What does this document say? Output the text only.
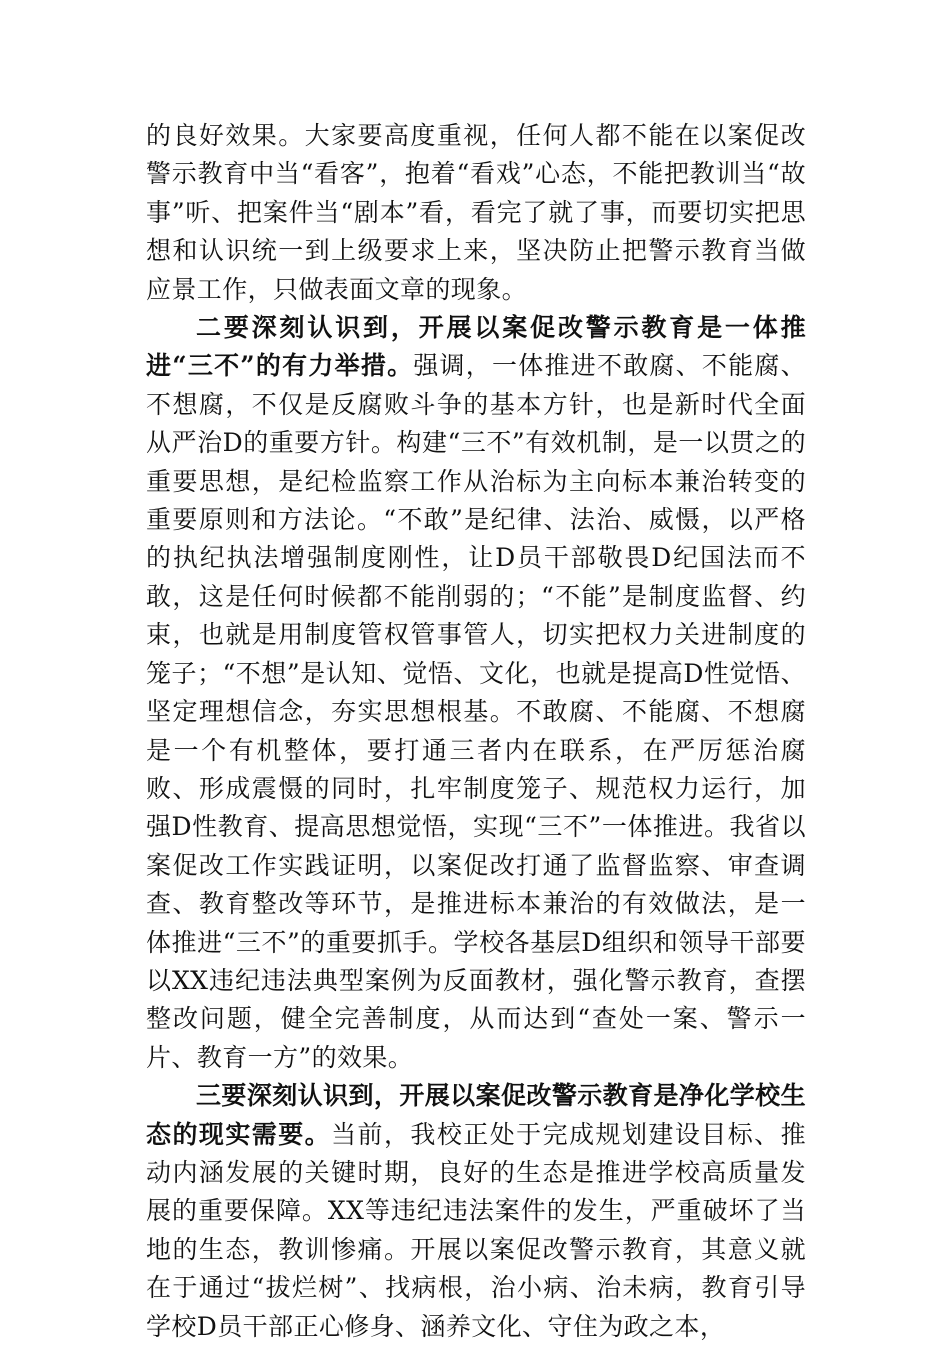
的良好效果。大家要高度重视，任何人都不能在以案促改警示教育中当“看客”，抱着“看戏”心态，不能把教训当“故事”听、把案件当“剧本”看，看完了就了事，而要切实把思想和认识统一到上级要求上来，坚决防止把警示教育当做应景工作，只做表面文章的现象。

二要深刻认识到，开展以案促改警示教育是一体推进“三不”的有力举措。强调，一体推进不敢腐、不能腐、不想腐，不仅是反腐败斗争的基本方针，也是新时代全面从严治D的重要方针。构建“三不”有效机制，是一以贯之的重要思想，是纪检监察工作从治标为主向标本兼治转变的重要原则和方法论。“不敢”是纪律、法治、威慑，以严格的执纪执法增强制度刚性，让D员干部敬畏D纪国法而不敢，这是任何时候都不能削弱的；“不能”是制度监督、约束，也就是用制度管权管事管人，切实把权力关进制度的笼子；“不想”是认知、觉悟、文化，也就是提高D性觉悟、坚定理想信念，夯实思想根基。不敢腐、不能腐、不想腐是一个有机整体，要打通三者内在联系，在严厉惩治腐败、形成震慑的同时，扎牢制度笼子、规范权力运行，加强D性教育、提高思想觉悟，实现“三不”一体推进。我省以案促改工作实践证明，以案促改打通了监督监察、审查调查、教育整改等环节，是推进标本兼治的有效做法，是一体推进“三不”的重要抓手。学校各基层D组织和领导干部要以XX违纪违法典型案例为反面教材，强化警示教育，查摆整改问题，健全完善制度，从而达到“查处一案、警示一片、教育一方”的效果。

三要深刻认识到，开展以案促改警示教育是净化学校生态的现实需要。当前，我校正处于完成规划建设目标、推动内涵发展的关键时期，良好的生态是推进学校高质量发展的重要保障。XX等违纪违法案件的发生，严重破坏了当地的生态，教训惨痛。开展以案促改警示教育，其意义就在于通过“拔烂树”、找病根，治小病、治未病，教育引导学校D员干部正心修身、涵养文化、守住为政之本，
